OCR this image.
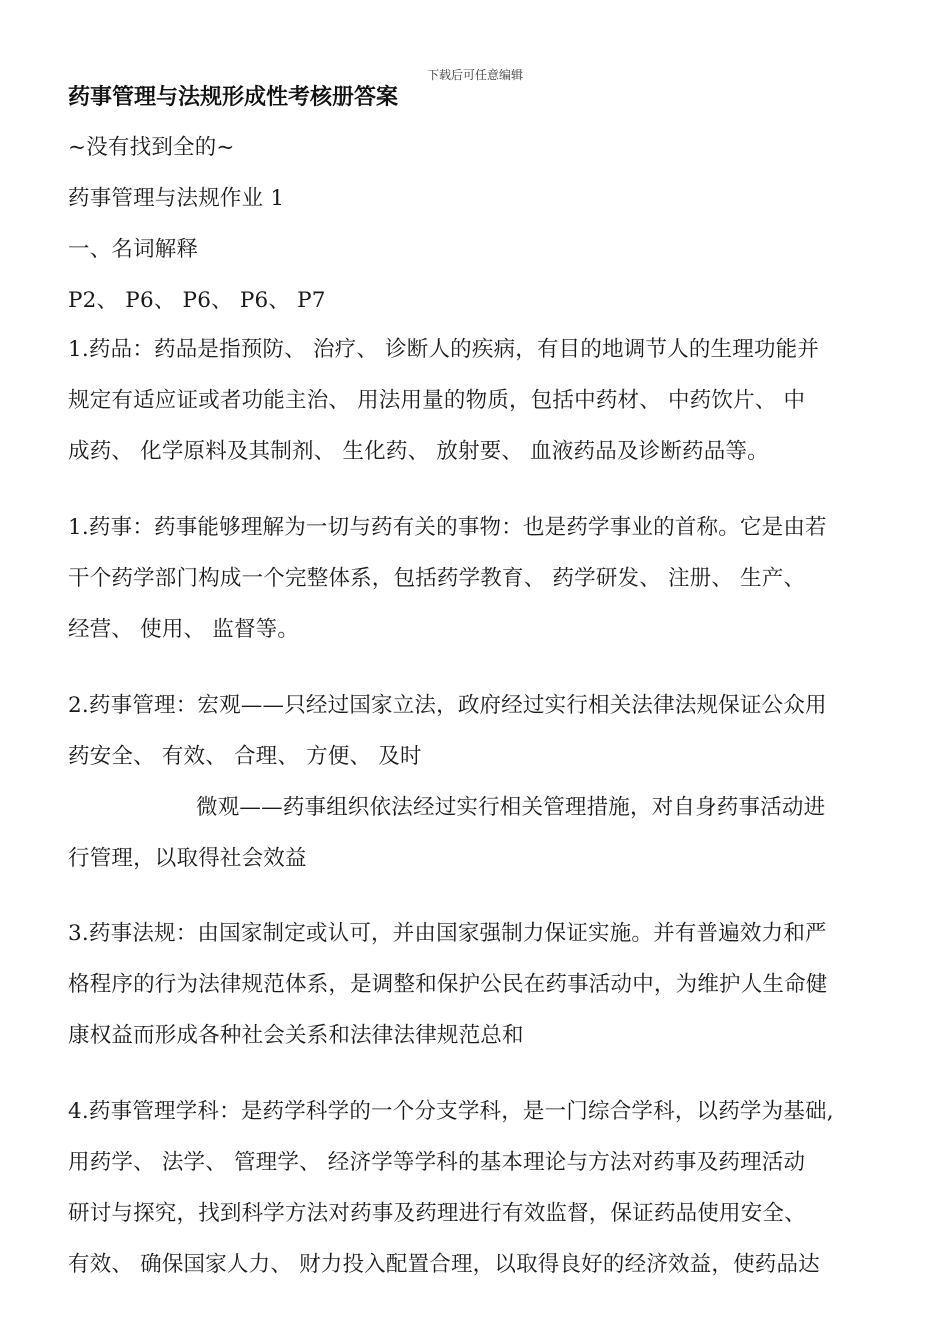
下载后可任意编辑
药事管理与法规形成性考核册答案
~没有找到全的~
药事管理与法规作业 1
一、名词解释
P2、 P6、 P6、 P6、 P7
1.药品：药品是指预防、 治疗、 诊断人的疾病，有目的地调节人的生理功能并
规定有适应证或者功能主治、 用法用量的物质，包括中药材、 中药饮片、 中
成药、 化学原料及其制剂、 生化药、 放射要、 血液药品及诊断药品等。
1.药事：药事能够理解为一切与药有关的事物：也是药学事业的首称。它是由若
干个药学部门构成一个完整体系，包括药学教育、 药学研发、 注册、 生产、
经营、 使用、 监督等。
2.药事管理：宏观——只经过国家立法，政府经过实行相关法律法规保证公众用
药安全、 有效、 合理、 方便、 及时
微观——药事组织依法经过实行相关管理措施，对自身药事活动进
行管理，以取得社会效益
3.药事法规：由国家制定或认可，并由国家强制力保证实施。并有普遍效力和严
格程序的行为法律规范体系，是调整和保护公民在药事活动中，为维护人生命健
康权益而形成各种社会关系和法律法律规范总和
4.药事管理学科：是药学科学的一个分支学科，是一门综合学科，以药学为基础,
用药学、 法学、 管理学、 经济学等学科的基本理论与方法对药事及药理活动
研讨与探究，找到科学方法对药事及药理进行有效监督，保证药品使用安全、
有效、 确保国家人力、 财力投入配置合理，以取得良好的经济效益，使药品达
